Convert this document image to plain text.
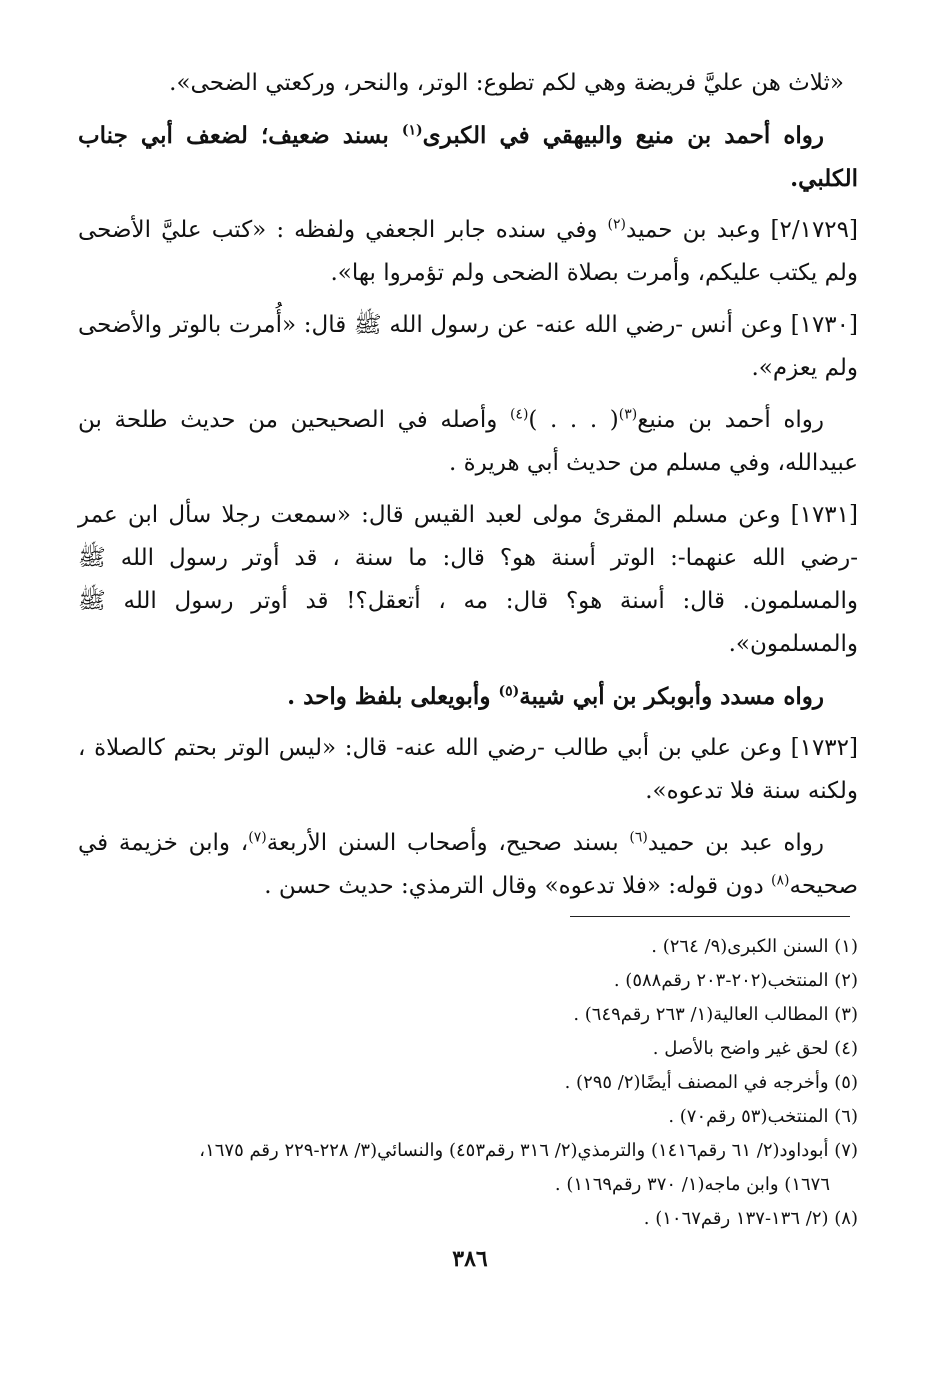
«ثلاث هن عليَّ فريضة وهي لكم تطوع: الوتر، والنحر، وركعتي الضحى».

رواه أحمد بن منيع والبيهقي في الكبرى$^{(١)}$ بسند ضعيف؛ لضعف أبي جناب الكلبي.

[٢/١٧٢٩] وعبد بن حميد$^{(٢)}$ وفي سنده جابر الجعفي ولفظه : «كتب عليَّ الأضحى ولم يكتب عليكم، وأمرت بصلاة الضحى ولم تؤمروا بها».

[١٧٣٠] وعن أنس -رضي الله عنه- عن رسول الله ﷺ قال: «أُمرت بالوتر والأضحى ولم يعزم».

رواه أحمد بن منيع$^{(٣)}$( . . . )$^{(٤)}$ وأصله في الصحيحين من حديث طلحة بن عبيدالله، وفي مسلم من حديث أبي هريرة .

[١٧٣١] وعن مسلم المقرئ مولى لعبد القيس قال: «سمعت رجلا سأل ابن عمر -رضي الله عنهما-: الوتر أسنة هو؟ قال: ما سنة ، قد أوتر رسول الله ﷺ والمسلمون. قال: أسنة هو؟ قال: مه ، أتعقل؟! قد أوتر رسول الله ﷺ والمسلمون».

رواه مسدد وأبوبكر بن أبي شيبة$^{(٥)}$ وأبويعلى بلفظ واحد .

[١٧٣٢] وعن علي بن أبي طالب -رضي الله عنه- قال: «ليس الوتر بحتم كالصلاة ، ولكنه سنة فلا تدعوه».

رواه عبد بن حميد$^{(٦)}$ بسند صحيح، وأصحاب السنن الأربعة$^{(٧)}$، وابن خزيمة في صحيحه$^{(٨)}$ دون قوله: «فلا تدعوه» وقال الترمذي: حديث حسن .

(١) السنن الكبرى(٩/ ٢٦٤) .
(٢) المنتخب(٢٠٢-٢٠٣ رقم٥٨٨) .
(٣) المطالب العالية(١/ ٢٦٣ رقم٦٤٩) .
(٤) لحق غير واضح بالأصل .
(٥) وأخرجه في المصنف أيضًا(٢/ ٢٩٥) .
(٦) المنتخب(٥٣ رقم٧٠) .
(٧) أبوداود(٢/ ٦١ رقم١٤١٦) والترمذي(٢/ ٣١٦ رقم٤٥٣) والنسائي(٣/ ٢٢٨-٢٢٩ رقم ١٦٧٥،
١٦٧٦) وابن ماجه(١/ ٣٧٠ رقم١١٦٩) .
(٨) (٢/ ١٣٦-١٣٧ رقم١٠٦٧) .
٣٨٦
